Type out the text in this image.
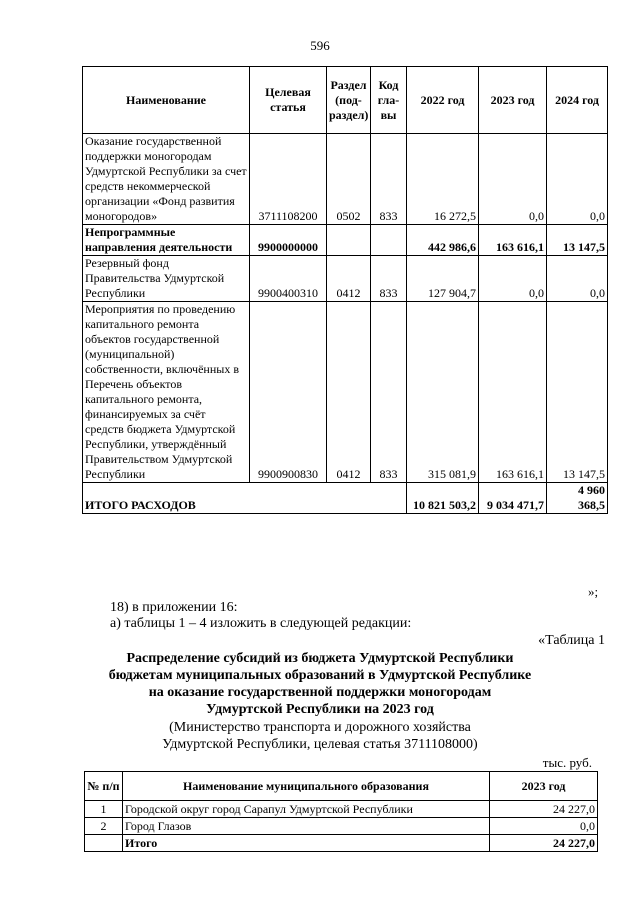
596
Наименование	Целевая статья	Раздел (под-раздел)	Код гла-вы	2022 год	2023 год	2024 год
Оказание государственной поддержки моногородам Удмуртской Республики за счет средств некоммерческой организации «Фонд развития моногородов»	3711108200	0502	833	16 272,5	0,0	0,0
Непрограммные направления деятельности	9900000000			442 986,6	163 616,1	13 147,5
Резервный фонд Правительства Удмуртской Республики	9900400310	0412	833	127 904,7	0,0	0,0
Мероприятия по проведению капитального ремонта объектов государственной (муниципальной) собственности, включённых в Перечень объектов капитального ремонта, финансируемых за счёт средств бюджета Удмуртской Республики, утверждённый Правительством Удмуртской Республики	9900900830	0412	833	315 081,9	163 616,1	13 147,5
ИТОГО РАСХОДОВ				10 821 503,2	9 034 471,7	4 960 368,5
»;
18) в приложении 16:
а) таблицы 1 – 4 изложить в следующей редакции:
«Таблица 1
Распределение субсидий из бюджета Удмуртской Республики
бюджетам муниципальных образований в Удмуртской Республике
на оказание государственной поддержки моногородам
Удмуртской Республики на 2023 год
(Министерство транспорта и дорожного хозяйства
Удмуртской Республики, целевая статья 3711108000)
тыс. руб.
№ п/п	Наименование муниципального образования	2023 год
1	Городской округ город Сарапул Удмуртской Республики	24 227,0
2	Город Глазов	0,0
	Итого	24 227,0
